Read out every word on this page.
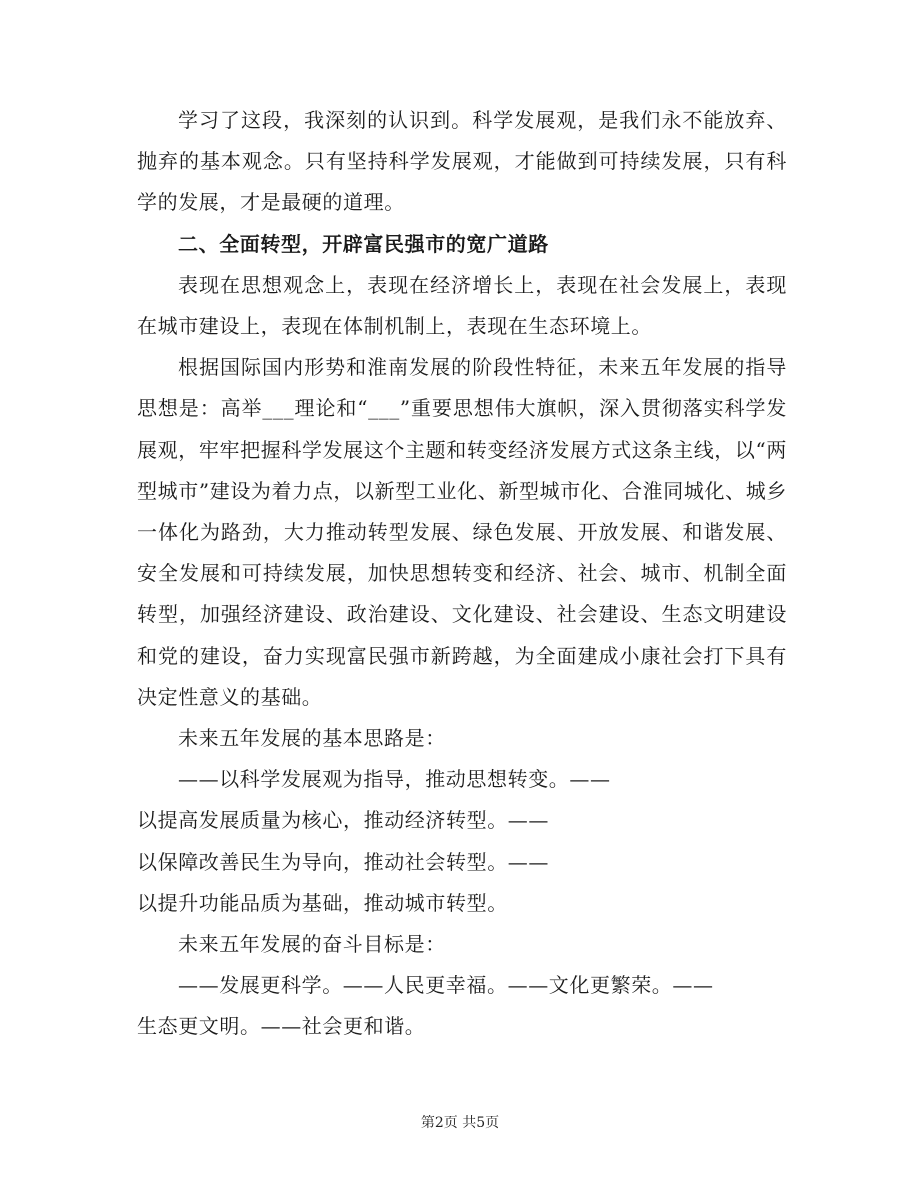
学习了这段，我深刻的认识到。科学发展观，是我们永不能放弃、抛弃的基本观念。只有坚持科学发展观，才能做到可持续发展，只有科学的发展，才是最硬的道理。

二、全面转型，开辟富民强市的宽广道路

表现在思想观念上，表现在经济增长上，表现在社会发展上，表现在城市建设上，表现在体制机制上，表现在生态环境上。

根据国际国内形势和淮南发展的阶段性特征，未来五年发展的指导思想是：高举___理论和“___”重要思想伟大旗帜，深入贯彻落实科学发展观，牢牢把握科学发展这个主题和转变经济发展方式这条主线，以“两型城市”建设为着力点，以新型工业化、新型城市化、合淮同城化、城乡一体化为路劲，大力推动转型发展、绿色发展、开放发展、和谐发展、安全发展和可持续发展，加快思想转变和经济、社会、城市、机制全面转型，加强经济建设、政治建设、文化建设、社会建设、生态文明建设和党的建设，奋力实现富民强市新跨越，为全面建成小康社会打下具有决定性意义的基础。

未来五年发展的基本思路是：

——以科学发展观为指导，推动思想转变。——

以提高发展质量为核心，推动经济转型。——

以保障改善民生为导向，推动社会转型。——

以提升功能品质为基础，推动城市转型。

未来五年发展的奋斗目标是：

——发展更科学。——人民更幸福。——文化更繁荣。——

生态更文明。——社会更和谐。

第2页 共5页
